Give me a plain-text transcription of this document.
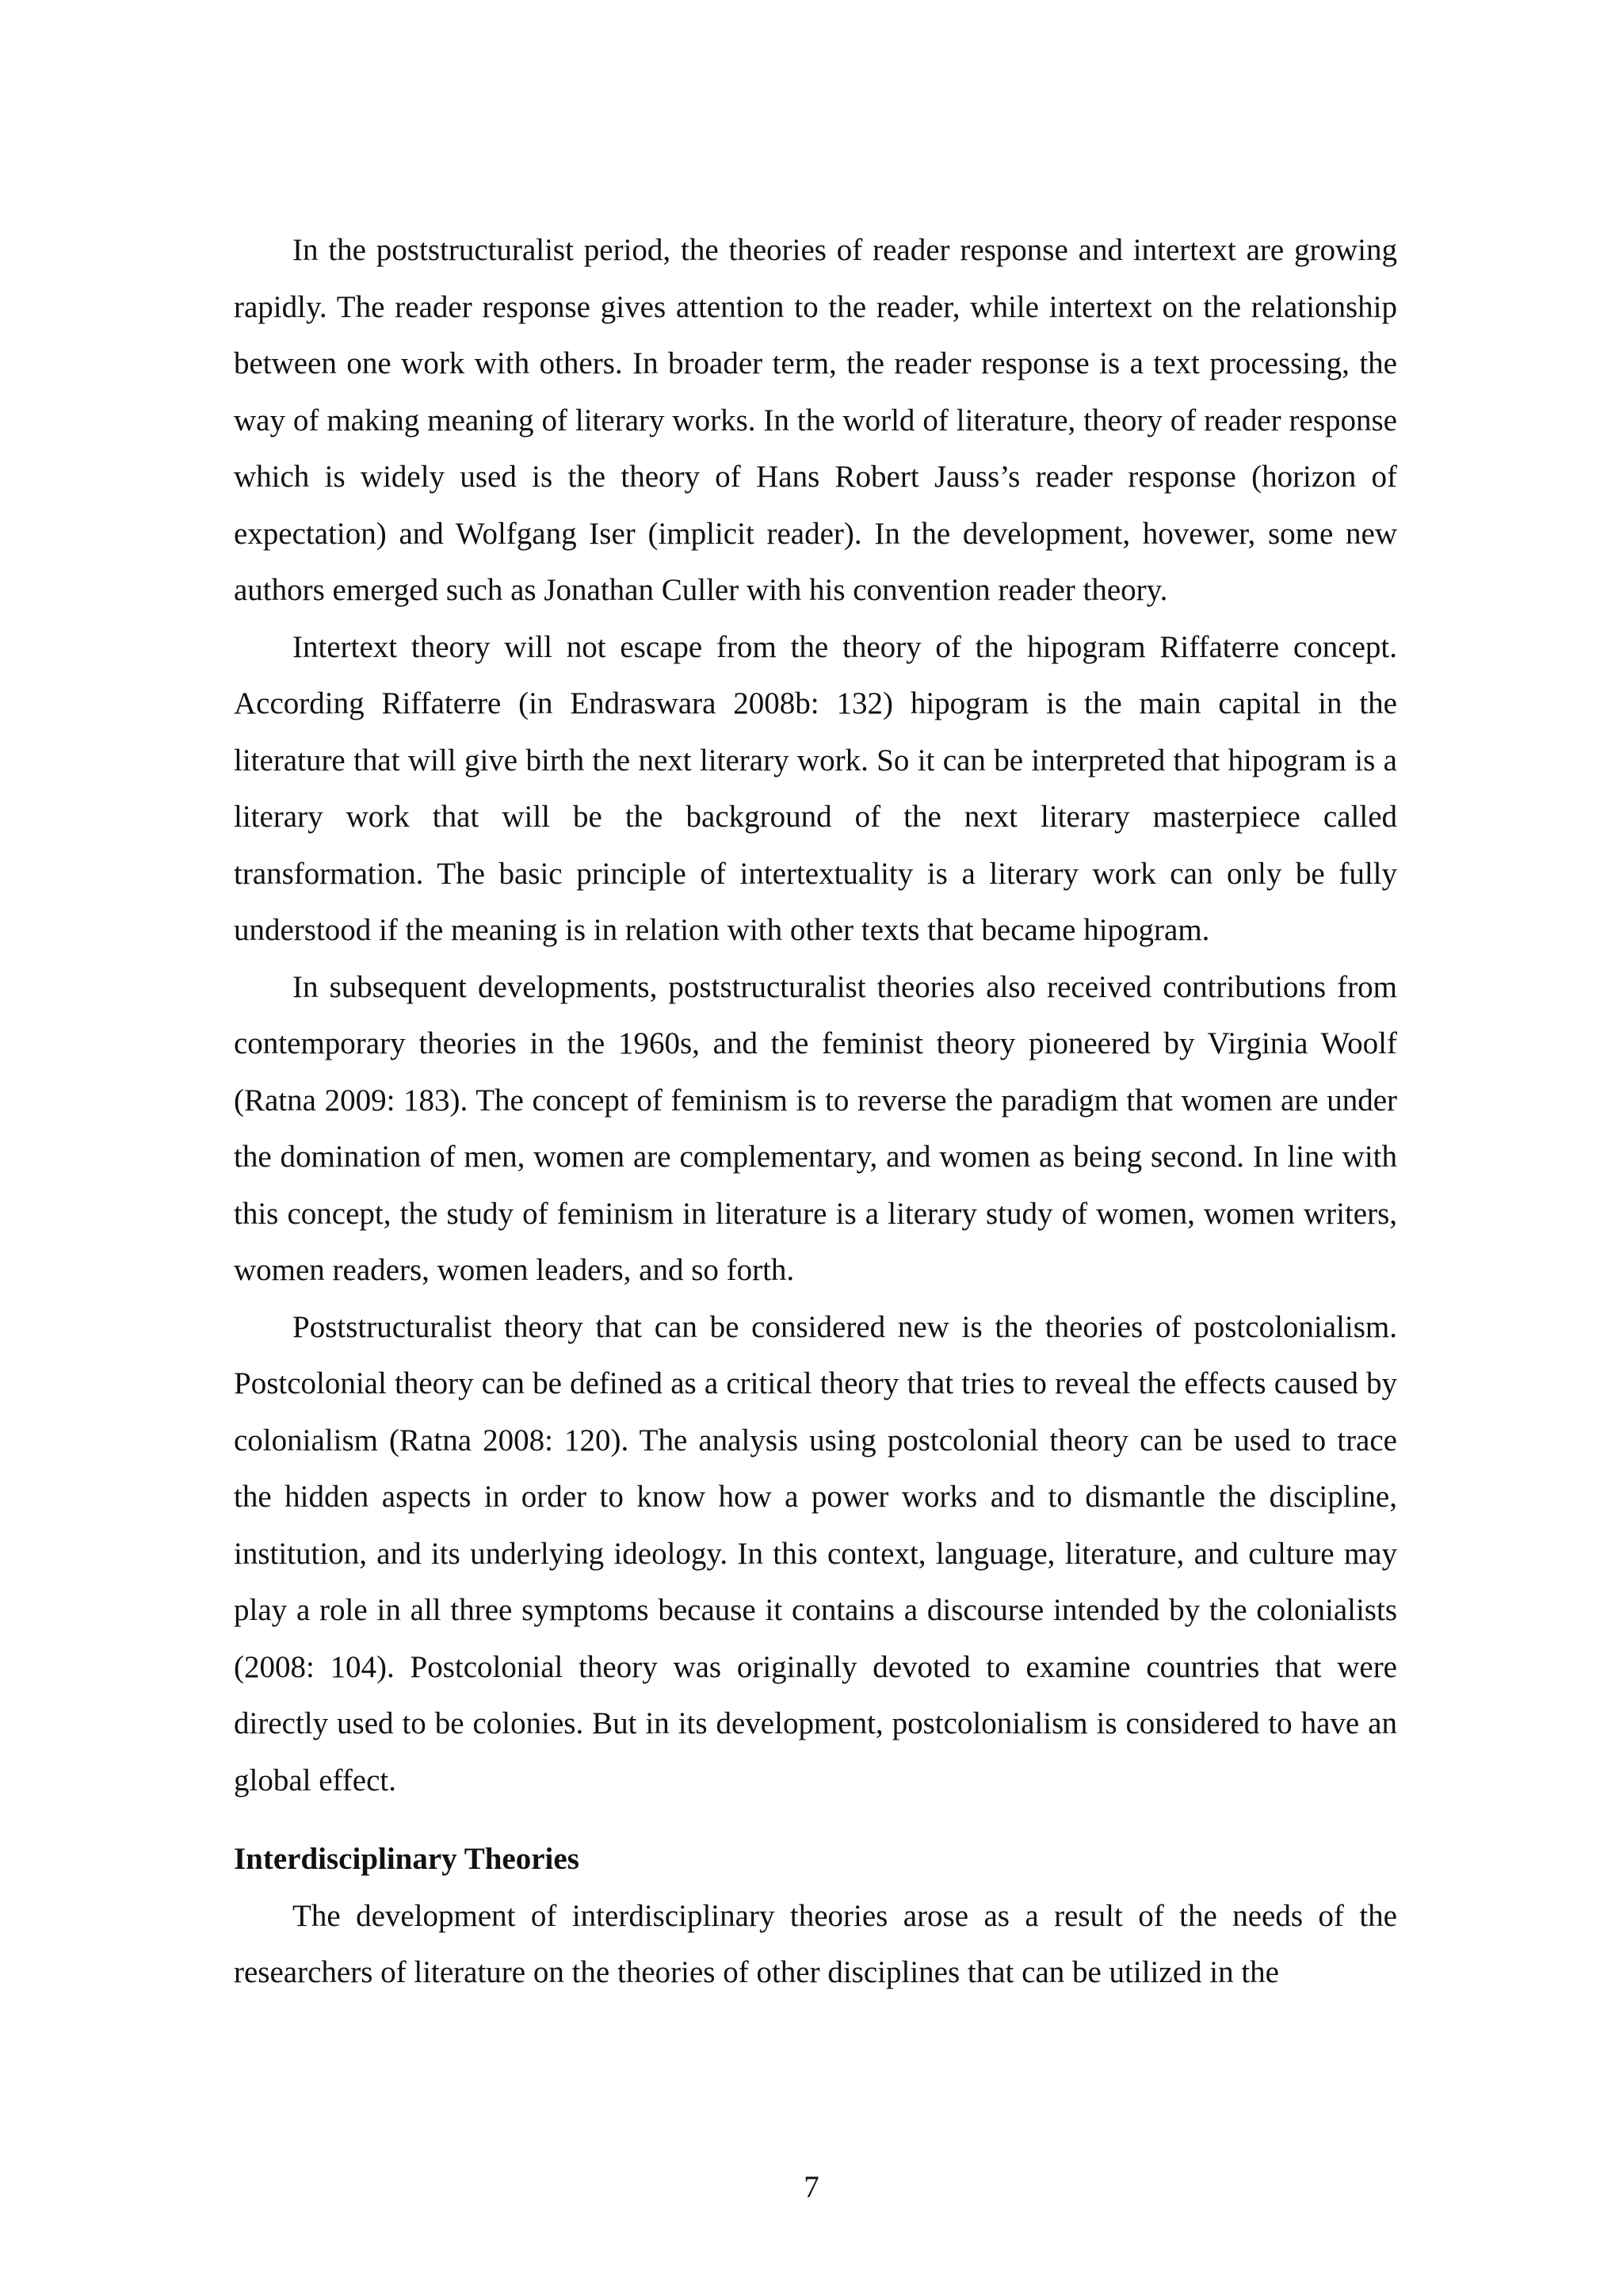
In the poststructuralist period, the theories of reader response and intertext are growing rapidly. The reader response gives attention to the reader, while intertext on the relationship between one work with others. In broader term, the reader response is a text processing, the way of making meaning of literary works. In the world of literature, theory of reader response which is widely used is the theory of Hans Robert Jauss’s reader response (horizon of expectation) and Wolfgang Iser (implicit reader). In the development, hovewer, some new authors emerged such as Jonathan Culler with his convention reader theory.

Intertext theory will not escape from the theory of the hipogram Riffaterre concept. According Riffaterre (in Endraswara 2008b: 132) hipogram is the main capital in the literature that will give birth the next literary work. So it can be interpreted that hipogram is a literary work that will be the background of the next literary masterpiece called transformation. The basic principle of intertextuality is a literary work can only be fully understood if the meaning is in relation with other texts that became hipogram.

In subsequent developments, poststructuralist theories also received contributions from contemporary theories in the 1960s, and the feminist theory pioneered by Virginia Woolf (Ratna 2009: 183). The concept of feminism is to reverse the paradigm that women are under the domination of men, women are complementary, and women as being second. In line with this concept, the study of feminism in literature is a literary study of women, women writers, women readers, women leaders, and so forth.

Poststructuralist theory that can be considered new is the theories of postcolonialism. Postcolonial theory can be defined as a critical theory that tries to reveal the effects caused by colonialism (Ratna 2008: 120). The analysis using postcolonial theory can be used to trace the hidden aspects in order to know how a power works and to dismantle the discipline, institution, and its underlying ideology. In this context, language, literature, and culture may play a role in all three symptoms because it contains a discourse intended by the colonialists (2008: 104). Postcolonial theory was originally devoted to examine countries that were directly used to be colonies. But in its development, postcolonialism is considered to have an global effect.

Interdisciplinary Theories

The development of interdisciplinary theories arose as a result of the needs of the researchers of literature on the theories of other disciplines that can be utilized in the

7
